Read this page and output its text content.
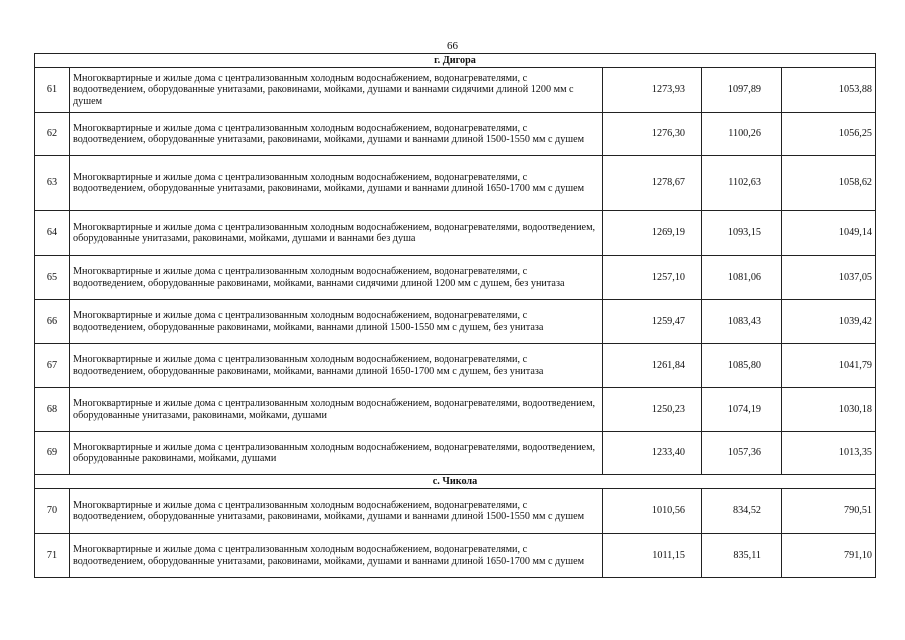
66
г. Дигора				
61	Многоквартирные и жилые дома с централизованным холодным водоснабжением, водонагревателями, с водоотведением, оборудованные унитазами, раковинами, мойками, душами и ваннами сидячими длиной 1200 мм с душем	1273,93	1097,89	1053,88
62	Многоквартирные и жилые дома с централизованным холодным водоснабжением, водонагревателями, с водоотведением, оборудованные унитазами, раковинами, мойками, душами и ваннами длиной 1500-1550 мм с душем	1276,30	1100,26	1056,25
63	Многоквартирные и жилые дома с централизованным холодным водоснабжением, водонагревателями, с водоотведением, оборудованные унитазами, раковинами, мойками, душами и ваннами длиной 1650-1700 мм с душем	1278,67	1102,63	1058,62
64	Многоквартирные и жилые дома с централизованным холодным водоснабжением, водонагревателями, водоотведением, оборудованные унитазами, раковинами, мойками, душами и ваннами без душа	1269,19	1093,15	1049,14
65	Многоквартирные и жилые дома с централизованным холодным водоснабжением, водонагревателями, с водоотведением, оборудованные раковинами, мойками, ваннами сидячими длиной 1200 мм с душем, без унитаза	1257,10	1081,06	1037,05
66	Многоквартирные и жилые дома с централизованным холодным водоснабжением, водонагревателями, с водоотведением, оборудованные раковинами, мойками, ваннами длиной 1500-1550 мм с душем, без унитаза	1259,47	1083,43	1039,42
67	Многоквартирные и жилые дома с централизованным холодным водоснабжением, водонагревателями, с водоотведением, оборудованные раковинами, мойками, ваннами длиной 1650-1700 мм с душем, без унитаза	1261,84	1085,80	1041,79
68	Многоквартирные и жилые дома с централизованным холодным водоснабжением, водонагревателями, водоотведением, оборудованные унитазами, раковинами, мойками, душами	1250,23	1074,19	1030,18
69	Многоквартирные и жилые дома с централизованным холодным водоснабжением, водонагревателями, водоотведением, оборудованные раковинами, мойками, душами	1233,40	1057,36	1013,35
с. Чикола				
70	Многоквартирные и жилые дома с централизованным холодным водоснабжением, водонагревателями, с водоотведением, оборудованные унитазами, раковинами, мойками, душами и ваннами длиной 1500-1550 мм с душем	1010,56	834,52	790,51
71	Многоквартирные и жилые дома с централизованным холодным водоснабжением, водонагревателями, с водоотведением, оборудованные унитазами, раковинами, мойками, душами и ваннами длиной 1650-1700 мм с душем	1011,15	835,11	791,10
